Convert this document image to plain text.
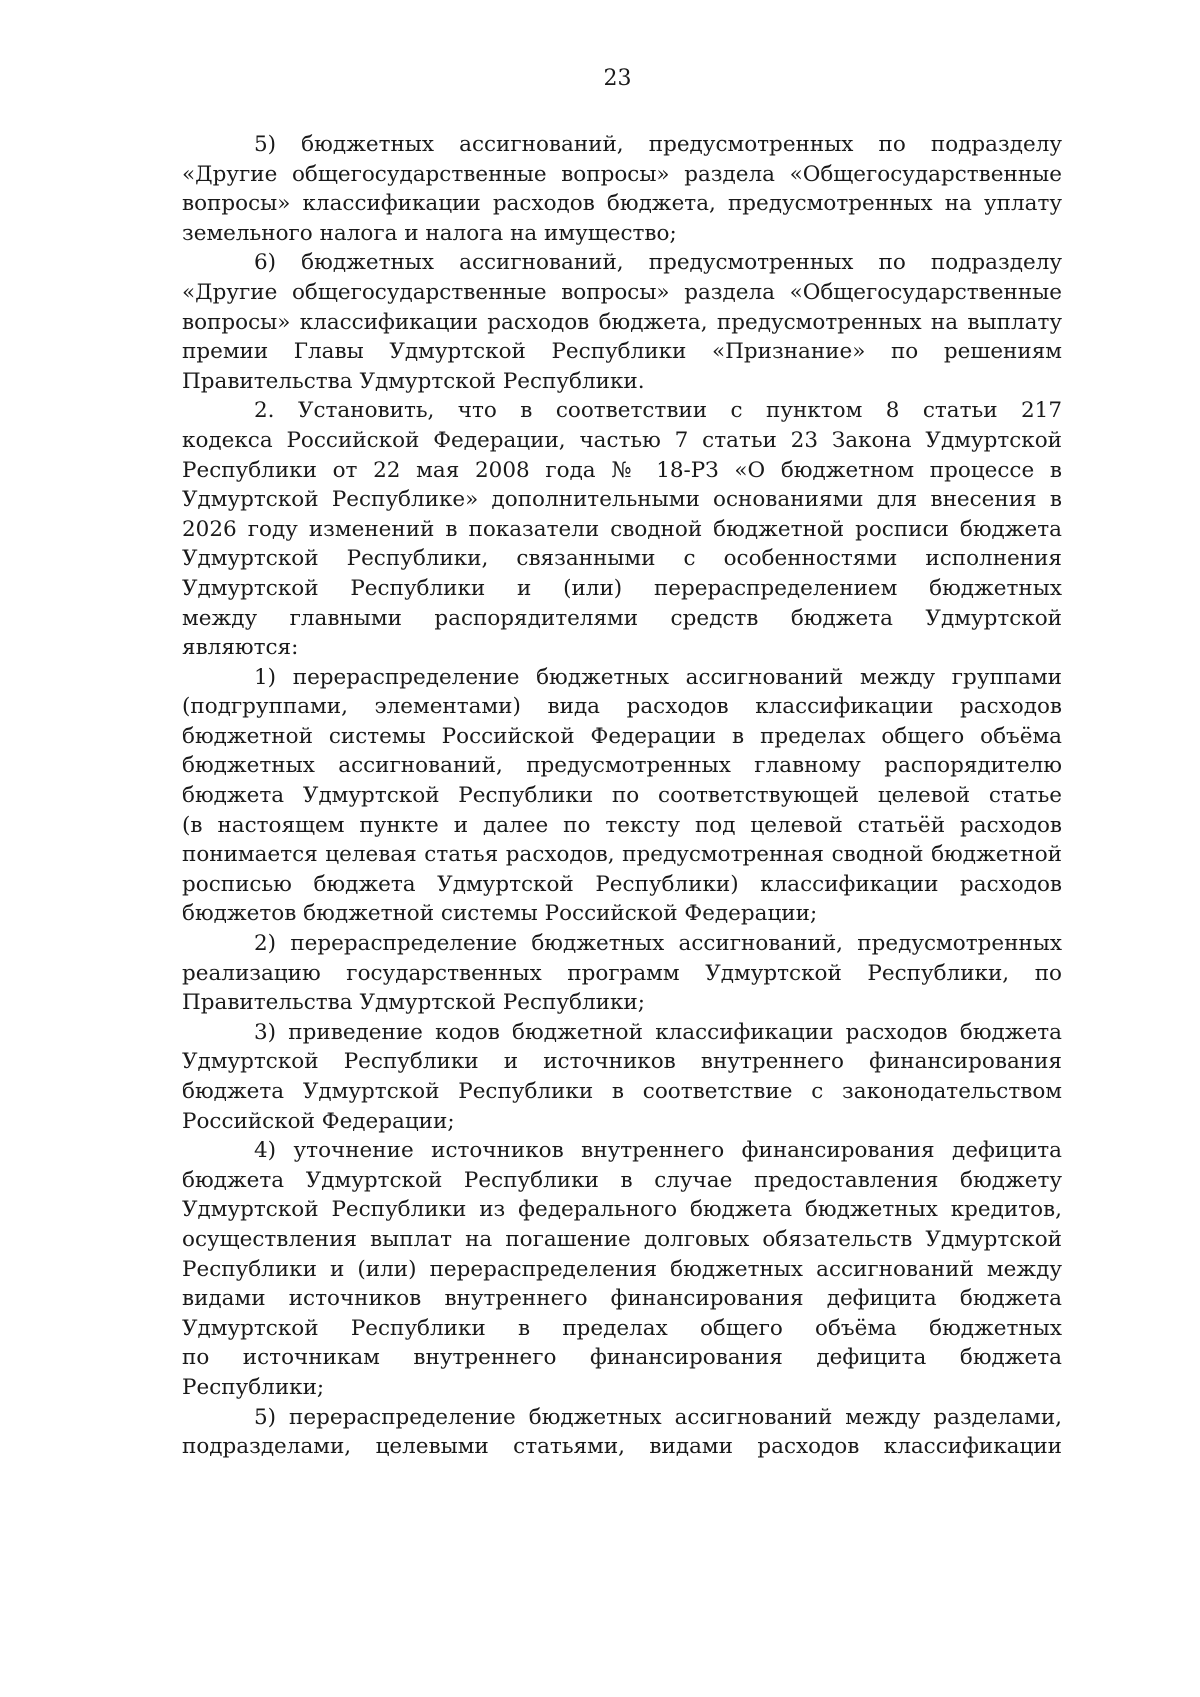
23
5) бюджетных ассигнований, предусмотренных по подразделу
«Другие общегосударственные вопросы» раздела «Общегосударственные
вопросы» классификации расходов бюджета, предусмотренных на уплату
земельного налога и налога на имущество;
6) бюджетных ассигнований, предусмотренных по подразделу
«Другие общегосударственные вопросы» раздела «Общегосударственные
вопросы» классификации расходов бюджета, предусмотренных на выплату
премии Главы Удмуртской Республики «Признание» по решениям
Правительства Удмуртской Республики.
2. Установить, что в соответствии с пунктом 8 статьи 217
кодекса Российской Федерации, частью 7 статьи 23 Закона Удмуртской
Республики от 22 мая 2008 года № 18-РЗ «О бюджетном процессе в
Удмуртской Республике» дополнительными основаниями для внесения в
2026 году изменений в показатели сводной бюджетной росписи бюджета
Удмуртской Республики, связанными с особенностями исполнения
Удмуртской Республики и (или) перераспределением бюджетных
между главными распорядителями средств бюджета Удмуртской
являются:
1) перераспределение бюджетных ассигнований между группами
(подгруппами, элементами) вида расходов классификации расходов
бюджетной системы Российской Федерации в пределах общего объёма
бюджетных ассигнований, предусмотренных главному распорядителю
бюджета Удмуртской Республики по соответствующей целевой статье
(в настоящем пункте и далее по тексту под целевой статьёй расходов
понимается целевая статья расходов, предусмотренная сводной бюджетной
росписью бюджета Удмуртской Республики) классификации расходов
бюджетов бюджетной системы Российской Федерации;
2) перераспределение бюджетных ассигнований, предусмотренных
реализацию государственных программ Удмуртской Республики, по
Правительства Удмуртской Республики;
3) приведение кодов бюджетной классификации расходов бюджета
Удмуртской Республики и источников внутреннего финансирования
бюджета Удмуртской Республики в соответствие с законодательством
Российской Федерации;
4) уточнение источников внутреннего финансирования дефицита
бюджета Удмуртской Республики в случае предоставления бюджету
Удмуртской Республики из федерального бюджета бюджетных кредитов,
осуществления выплат на погашение долговых обязательств Удмуртской
Республики и (или) перераспределения бюджетных ассигнований между
видами источников внутреннего финансирования дефицита бюджета
Удмуртской Республики в пределах общего объёма бюджетных
по источникам внутреннего финансирования дефицита бюджета
Республики;
5) перераспределение бюджетных ассигнований между разделами,
подразделами, целевыми статьями, видами расходов классификации
